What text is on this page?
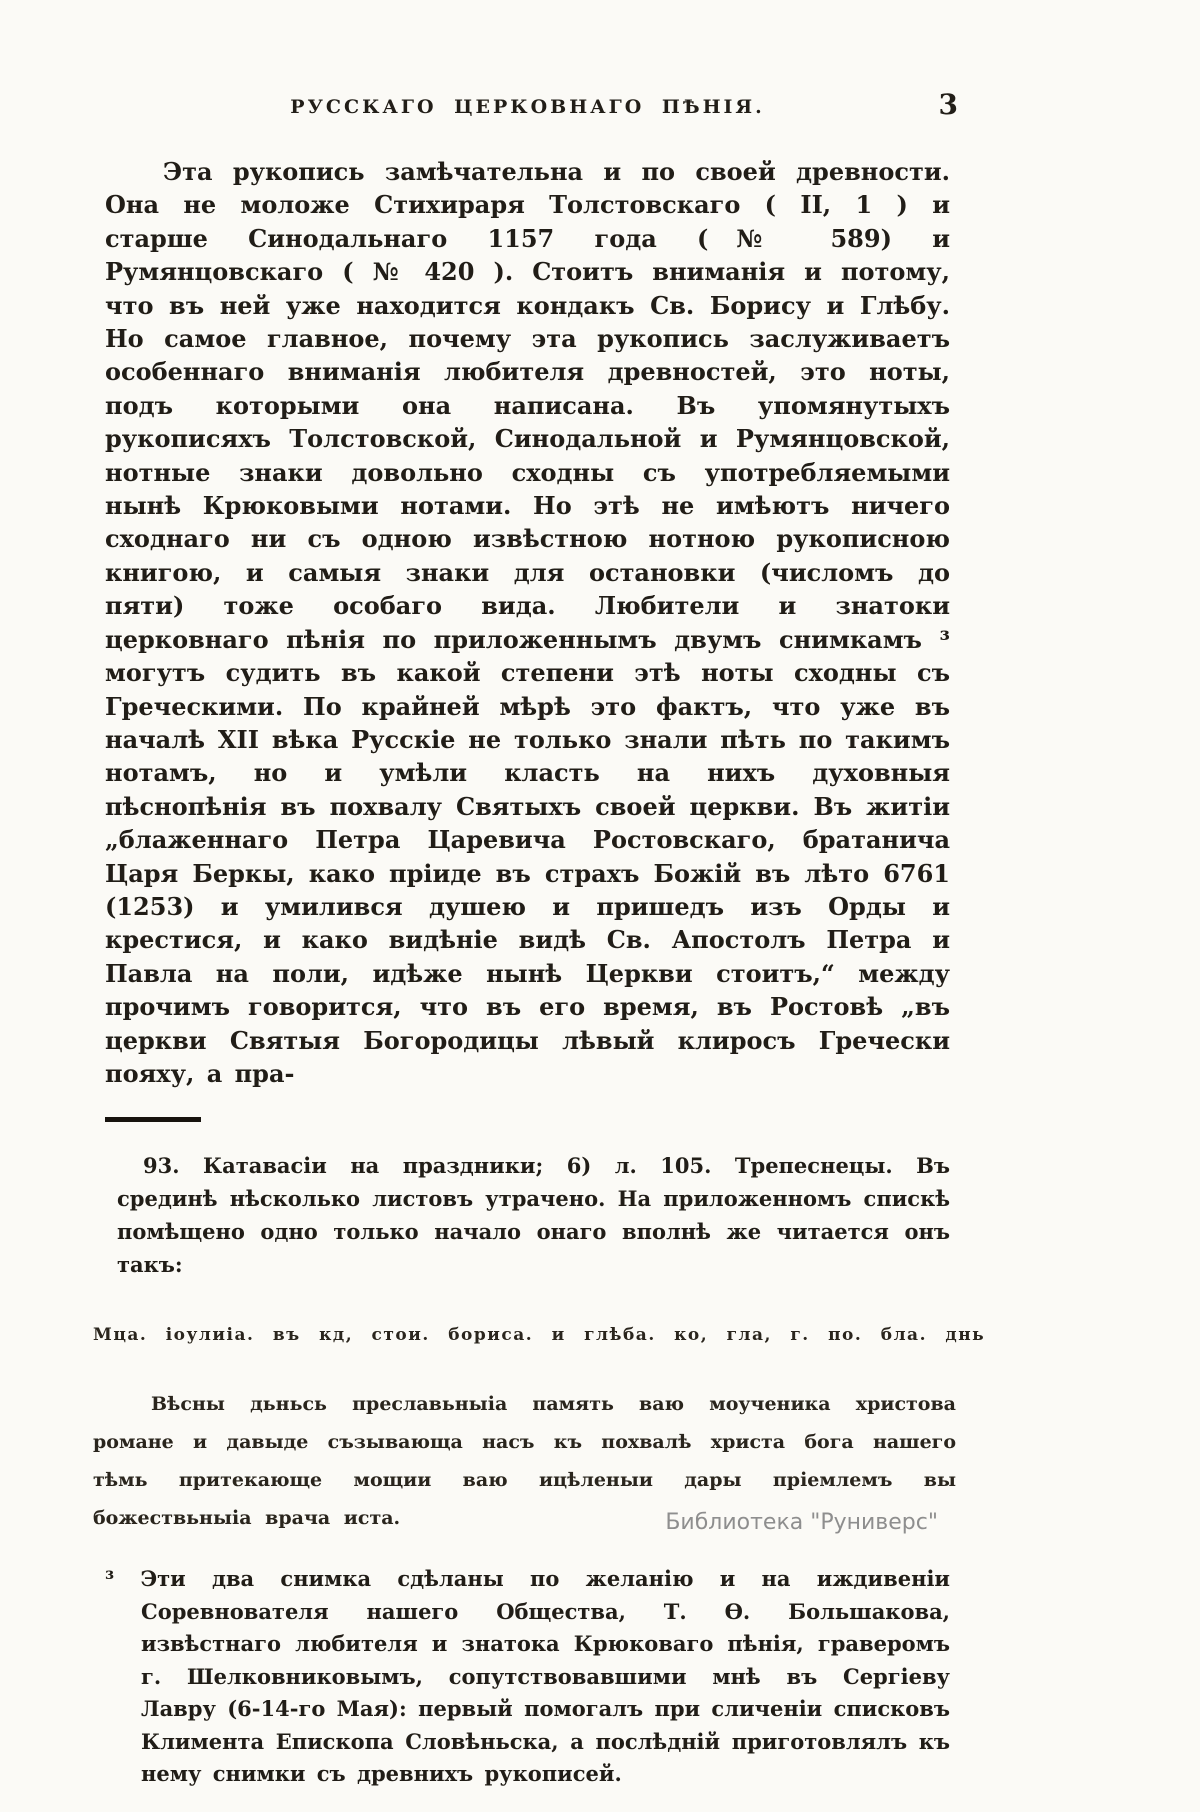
РУССКАГО ЦЕРКОВНАГО ПѢНІЯ.	3

Эта рукопись замѣчательна и по своей древности. Она не моложе Стихираря Толстовскаго ( II, 1 ) и старше Синодальнаго 1157 года (№ 589) и Румянцовскаго ( № 420 ). Стоитъ вниманія и потому, что въ ней уже находится кондакъ Св. Борису и Глѣбу. Но самое главное, почему эта рукопись заслуживаетъ особеннаго вниманія любителя древностей, это ноты, подъ которыми она написана. Въ упомянутыхъ рукописяхъ Толстовской, Синодальной и Румянцовской, нотные знаки довольно сходны съ употребляемыми нынѣ Крюковыми нотами. Но этѣ не имѣютъ ничего сходнаго ни съ одною извѣстною нотною рукописною книгою, и самыя знаки для остановки (числомъ до пяти) тоже особаго вида. Любители и знатоки церковнаго пѣнія по приложеннымъ двумъ снимкамъ ³ могутъ судить въ какой степени этѣ ноты сходны съ Греческими. По крайней мѣрѣ это фактъ, что уже въ началѣ XII вѣка Русскіе не только знали пѣть по такимъ нотамъ, но и умѣли класть на нихъ духовныя пѣснопѣнія въ похвалу Святыхъ своей церкви. Въ житіи „блаженнаго Петра Царевича Ростовскаго, братанича Царя Беркы, како пріиде въ страхъ Божій въ лѣто 6761 (1253) и умилився душею и пришедъ изъ Орды и крестися, и како видѣніе видѣ Св. Апостолъ Петра и Павла на поли, идѣже нынѣ Церкви стоитъ,“ между прочимъ говорится, что въ его время, въ Ростовѣ „въ церкви Святыя Богородицы лѣвый клиросъ Гречески пояху, а пра-

93. Катавасіи на праздники; 6) л. 105. Трепеснецы. Въ срединѣ нѣсколько листовъ утрачено. На приложенномъ спискѣ помѣщено одно только начало онаго вполнѣ же читается онъ такъ:

Мца. іоулиіа. въ кд, стои. бориса. и глѣба. ко, гла, г. по. бла. днь

Вѣсны дьньсь преславьныіа память ваю моученика христова романе и давыде съзывающа насъ къ похвалѣ христа бога нашего тѣмь притекающе мощии ваю ицѣленыи дары пріемлемъ вы божествьныіа врача иста.

³ Эти два снимка сдѣланы по желанію и на иждивеніи Соревнователя нашего Общества, Т. Ѳ. Большакова, извѣстнаго любителя и знатока Крюковаго пѣнія, граверомъ г. Шелковниковымъ, сопутствовавшими мнѣ въ Сергіеву Лавру (6-14-го Мая): первый помогалъ при сличеніи списковъ Климента Епископа Словѣньска, а послѣдній приготовлялъ къ нему снимки съ древнихъ рукописей.

Библиотека "Руниверс"
